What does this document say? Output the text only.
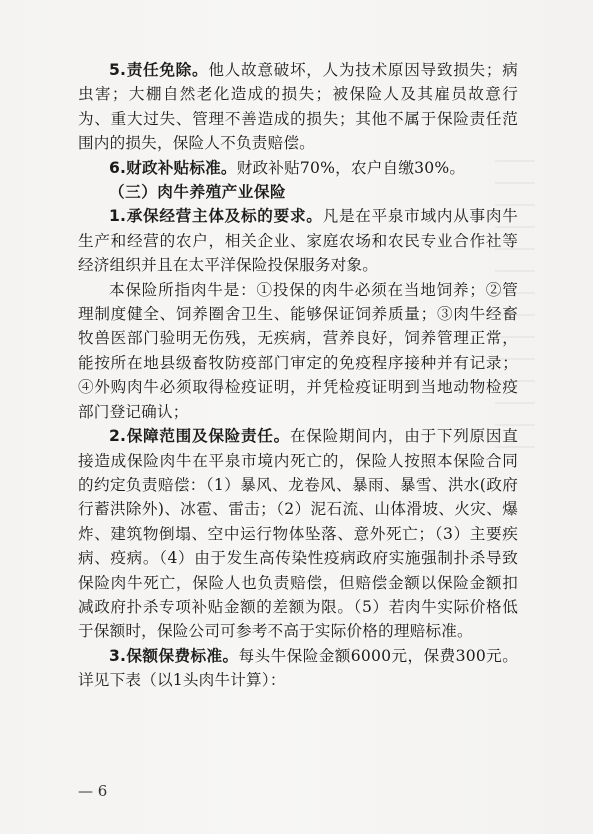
5.责任免除。他人故意破坏，人为技术原因导致损失；病虫害；大棚自然老化造成的损失；被保险人及其雇员故意行为、重大过失、管理不善造成的损失；其他不属于保险责任范围内的损失，保险人不负责赔偿。

6.财政补贴标准。财政补贴70%，农户自缴30%。

（三）肉牛养殖产业保险

1.承保经营主体及标的要求。凡是在平泉市域内从事肉牛生产和经营的农户，相关企业、家庭农场和农民专业合作社等经济组织并且在太平洋保险投保服务对象。

本保险所指肉牛是：①投保的肉牛必须在当地饲养；②管理制度健全、饲养圈舍卫生、能够保证饲养质量；③肉牛经畜牧兽医部门验明无伤残，无疾病，营养良好，饲养管理正常，能按所在地县级畜牧防疫部门审定的免疫程序接种并有记录；④外购肉牛必须取得检疫证明，并凭检疫证明到当地动物检疫部门登记确认；

2.保障范围及保险责任。在保险期间内，由于下列原因直接造成保险肉牛在平泉市境内死亡的，保险人按照本保险合同的约定负责赔偿：（1）暴风、龙卷风、暴雨、暴雪、洪水(政府行蓄洪除外)、冰雹、雷击；（2）泥石流、山体滑坡、火灾、爆炸、建筑物倒塌、空中运行物体坠落、意外死亡；（3）主要疾病、疫病。（4）由于发生高传染性疫病政府实施强制扑杀导致保险肉牛死亡，保险人也负责赔偿，但赔偿金额以保险金额扣减政府扑杀专项补贴金额的差额为限。（5）若肉牛实际价格低于保额时，保险公司可参考不高于实际价格的理赔标准。

3.保额保费标准。每头牛保险金额6000元，保费300元。详见下表（以1头肉牛计算）：

— 6
